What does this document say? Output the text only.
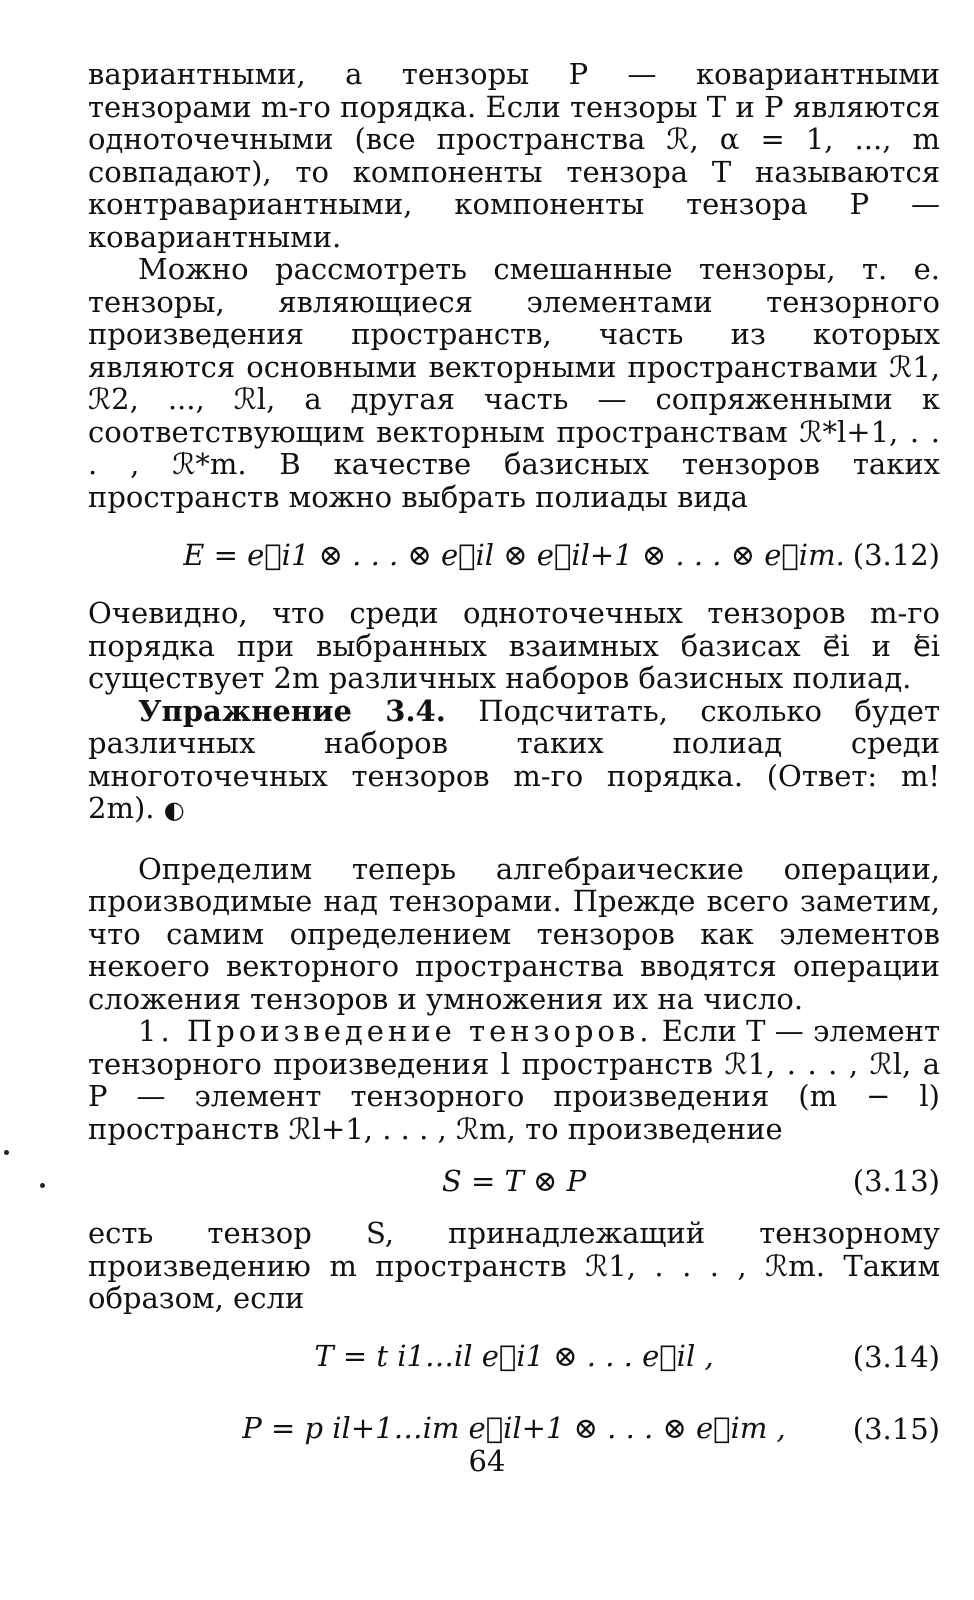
вариантными, а тензоры P — ковариантными тензорами m-го порядка. Если тензоры T и P являются одноточечными (все пространства ℛ, α = 1, ..., m совпадают), то компоненты тензора T называются контравариантными, компоненты тензора P — ковариантными.

Можно рассмотреть смешанные тензоры, т. е. тензоры, являющиеся элементами тензорного произведения пространств, часть из которых являются основными векторными пространствами ℛ1, ℛ2, ..., ℛl, а другая часть — сопряженными к соответствующим векторным пространствам ℛ*l+1, . . . , ℛ*m. В качестве базисных тензоров таких пространств можно выбрать полиады вида

E = e⃗i1 ⊗ . . . ⊗ e⃗il ⊗ e⃖il+1 ⊗ . . . ⊗ e⃖im. (3.12)

Очевидно, что среди одноточечных тензоров m-го порядка при выбранных взаимных базисах e⃗i и e⃖i существует 2m различных наборов базисных полиад.

Упражнение 3.4. Подсчитать, сколько будет различных наборов таких полиад среди многоточечных тензоров m-го порядка. (Ответ: m! 2m). ◐

Определим теперь алгебраические операции, производимые над тензорами. Прежде всего заметим, что самим определением тензоров как элементов некоего векторного пространства вводятся операции сложения тензоров и умножения их на число.

1. Произведение тензоров. Если T — элемент тензорного произведения l пространств ℛ1, . . . , ℛl, а P — элемент тензорного произведения (m − l) пространств ℛl+1, . . . , ℛm, то произведение

S = T ⊗ P	(3.13)

есть тензор S, принадлежащий тензорному произведению m пространств ℛ1, . . . , ℛm. Таким образом, если

T = t i1…il e⃗i1 ⊗ . . . e⃗il ,	(3.14)
P = p il+1…im e⃗il+1 ⊗ . . . ⊗ e⃗im , (3.15)
64
